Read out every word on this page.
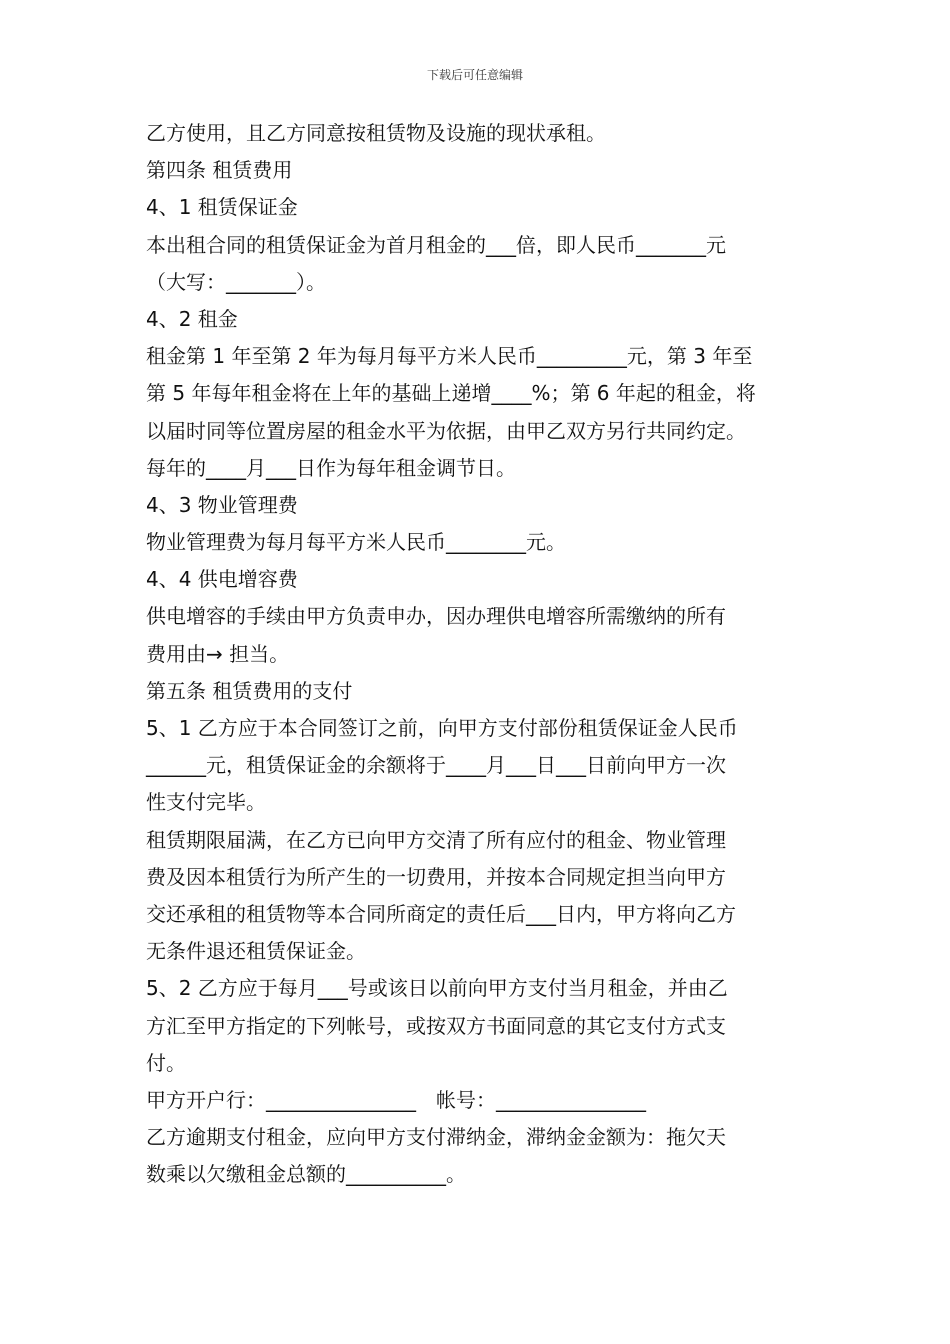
下载后可任意编辑
乙方使用，且乙方同意按租赁物及设施的现状承租。
第四条 租赁费用
4、1 租赁保证金
本出租合同的租赁保证金为首月租金的___倍，即人民币_______元
（大写：_______）。
4、2 租金
租金第 1 年至第 2 年为每月每平方米人民币_________元，第 3 年至
第 5 年每年租金将在上年的基础上递增____%；第 6 年起的租金，将
以届时同等位置房屋的租金水平为依据，由甲乙双方另行共同约定。
每年的____月___日作为每年租金调节日。
4、3 物业管理费
物业管理费为每月每平方米人民币________元。
4、4 供电增容费
供电增容的手续由甲方负责申办，因办理供电增容所需缴纳的所有
费用由→ 担当。
第五条 租赁费用的支付
5、1 乙方应于本合同签订之前，向甲方支付部份租赁保证金人民币
______元，租赁保证金的余额将于____月___日___日前向甲方一次
性支付完毕。
租赁期限届满，在乙方已向甲方交清了所有应付的租金、物业管理
费及因本租赁行为所产生的一切费用，并按本合同规定担当向甲方
交还承租的租赁物等本合同所商定的责任后___日内，甲方将向乙方
无条件退还租赁保证金。
5、2 乙方应于每月___号或该日以前向甲方支付当月租金，并由乙
方汇至甲方指定的下列帐号，或按双方书面同意的其它支付方式支
付。
甲方开户行：_______________　帐号：_______________
乙方逾期支付租金，应向甲方支付滞纳金，滞纳金金额为：拖欠天
数乘以欠缴租金总额的__________。
